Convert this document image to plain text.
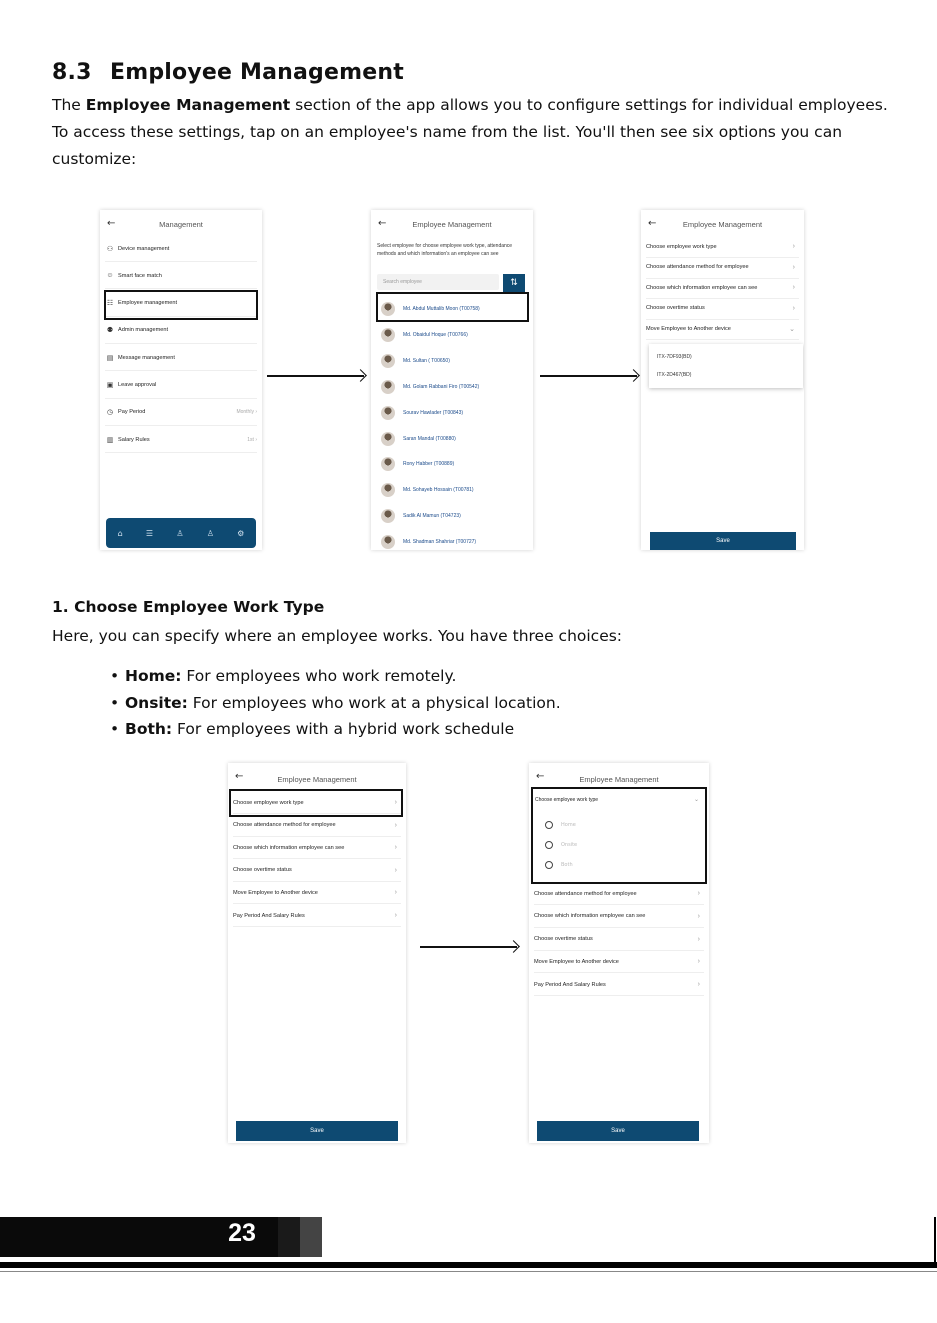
8.3 Employee Management

The Employee Management section of the app allows you to configure settings for individual employees. To access these settings, tap on an employee's name from the list. You'll then see six options you can customize:

←	Management
⚇ Device management
☺ Smart face match
☷ Employee management
⚉ Admin management
▤ Message management
▣ Leave approval
◷ Pay Period	Monthly ›
▥ Salary Rules	1st ›
⌂	☰	♙	♙	⚙
←	Employee Management
Select employee for choose employee work type, attendance methods and which information's an employee can see
Search employee	⇅
Md. Abdul Muttalib Moon (T00758)
Md. Obaidul Hoque (T00766)
Md. Sultan ( T00650)
Md. Golam Rabbani Firo (T00542)
Sourav Hawlader (T00843)
Saran Mandal (T00880)
Rony Habber (T00889)
Md. Sohayeb Hossain (T00781)
Sadik Al Mamun (T04723)
Md. Shadman Shahriar (T00727)
←	Employee Management
Choose employee work type	›
Choose attendance method for employee	›
Choose which information employee can see	›
Choose overtime status	›
Move Employee to Another device	⌄
ITX-7DF93(BD)
ITX-2D467(BD)
Save
1. Choose Employee Work Type

Here, you can specify where an employee works. You have three choices:

• Home: For employees who work remotely.
• Onsite: For employees who work at a physical location.
• Both: For employees with a hybrid work schedule
←	Employee Management
Choose employee work type	›
Choose attendance method for employee	›
Choose which information employee can see	›
Choose overtime status	›
Move Employee to Another device	›
Pay Period And Salary Rules	›
Save
←	Employee Management
Choose employee work type	⌄
Home
Onsite
Both
Choose attendance method for employee	›
Choose which information employee can see	›
Choose overtime status	›
Move Employee to Another device	›
Pay Period And Salary Rules	›
Save
23
